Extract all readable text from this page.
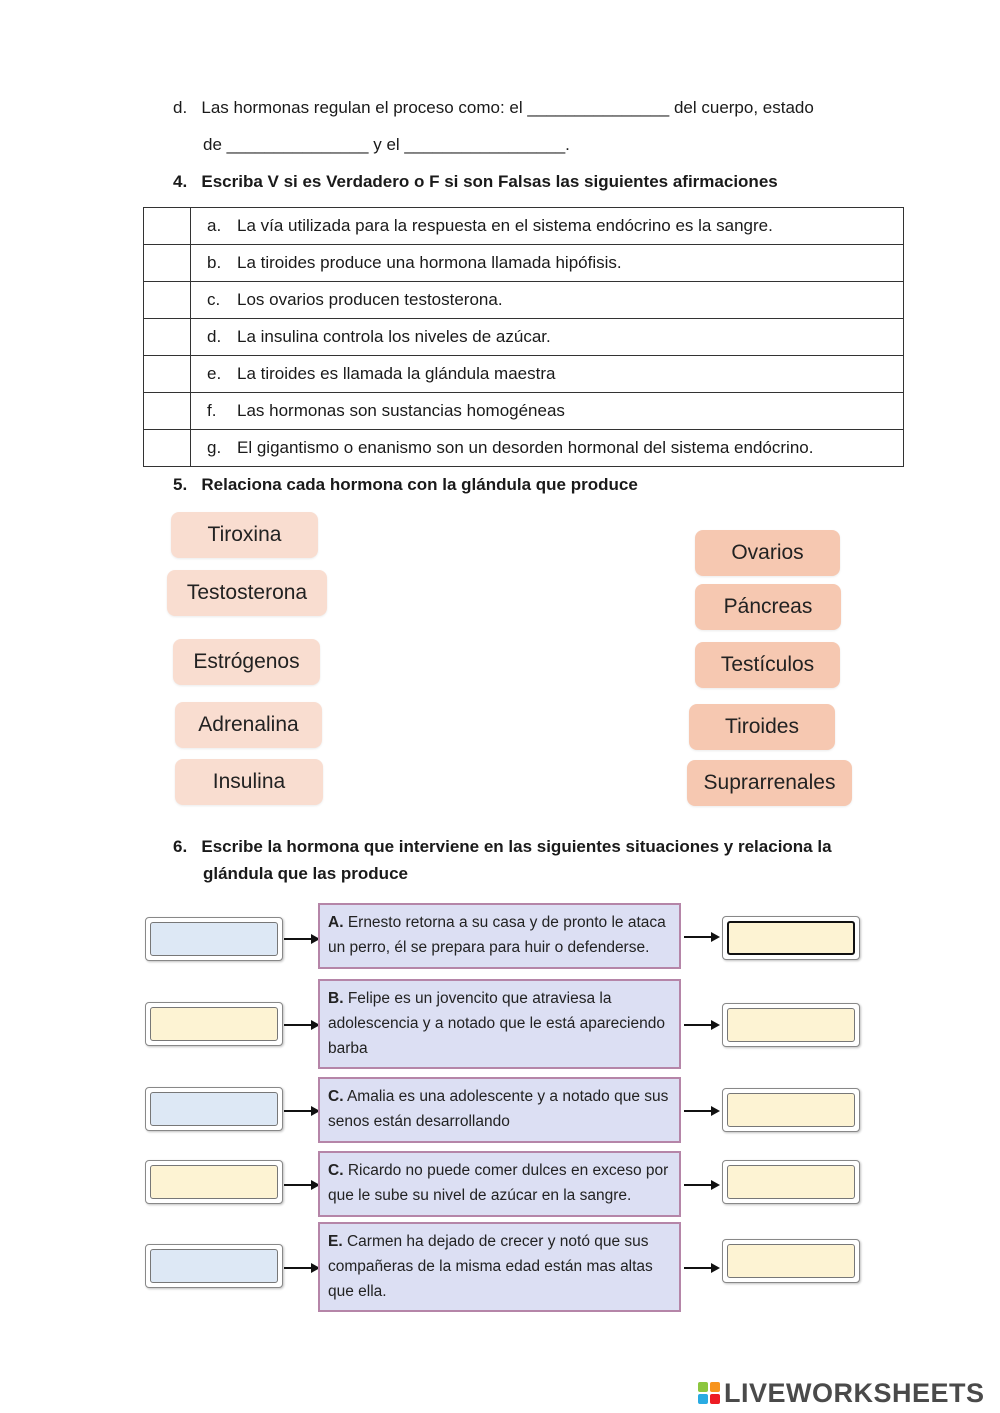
d. Las hormonas regulan el proceso como: el _______________ del cuerpo, estado
de _______________ y el _________________.
4. Escriba V si es Verdadero o F si son Falsas las siguientes afirmaciones
	a. La vía utilizada para la respuesta en el sistema endócrino es la sangre.
	b. La tiroides produce una hormona llamada hipófisis.
	c. Los ovarios producen testosterona.
	d. La insulina controla los niveles de azúcar.
	e. La tiroides es llamada la glándula maestra
	f. Las hormonas son sustancias homogéneas
	g. El gigantismo o enanismo son un desorden hormonal del sistema endócrino.
5. Relaciona cada hormona con la glándula que produce
Tiroxina
Testosterona
Estrógenos
Adrenalina
Insulina
Ovarios
Páncreas
Testículos
Tiroides
Suprarrenales
6. Escribe la hormona que interviene en las siguientes situaciones y relaciona la
glándula que las produce
A. Ernesto retorna a su casa y de pronto le ataca un perro, él se prepara para huir o defenderse.
B. Felipe es un jovencito que atraviesa la adolescencia y a notado que le está apareciendo barba
C. Amalia es una adolescente y a notado que sus senos están desarrollando
C. Ricardo no puede comer dulces en exceso por que le sube su nivel de azúcar en la sangre.
E. Carmen ha dejado de crecer y notó que sus compañeras de la misma edad están mas altas que ella.
LIVEWORKSHEETS
